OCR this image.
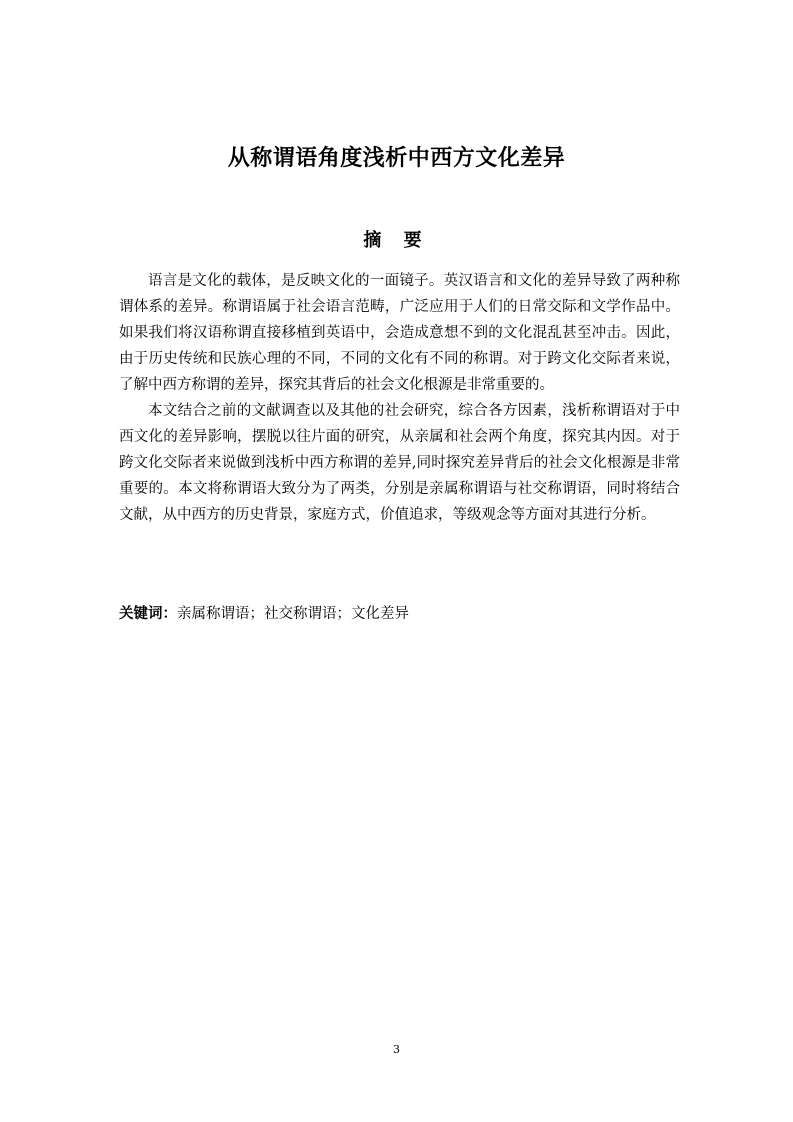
从称谓语角度浅析中西方文化差异
摘 要

语言是文化的载体，是反映文化的一面镜子。英汉语言和文化的差异导致了两种称谓体系的差异。称谓语属于社会语言范畴，广泛应用于人们的日常交际和文学作品中。如果我们将汉语称谓直接移植到英语中，会造成意想不到的文化混乱甚至冲击。因此，由于历史传统和民族心理的不同，不同的文化有不同的称谓。对于跨文化交际者来说，了解中西方称谓的差异，探究其背后的社会文化根源是非常重要的。

本文结合之前的文献调查以及其他的社会研究，综合各方因素，浅析称谓语对于中西文化的差异影响，摆脱以往片面的研究，从亲属和社会两个角度，探究其内因。对于跨文化交际者来说做到浅析中西方称谓的差异,同时探究差异背后的社会文化根源是非常重要的。本文将称谓语大致分为了两类，分别是亲属称谓语与社交称谓语，同时将结合文献，从中西方的历史背景，家庭方式，价值追求，等级观念等方面对其进行分析。

关键词：亲属称谓语；社交称谓语；文化差异
3
